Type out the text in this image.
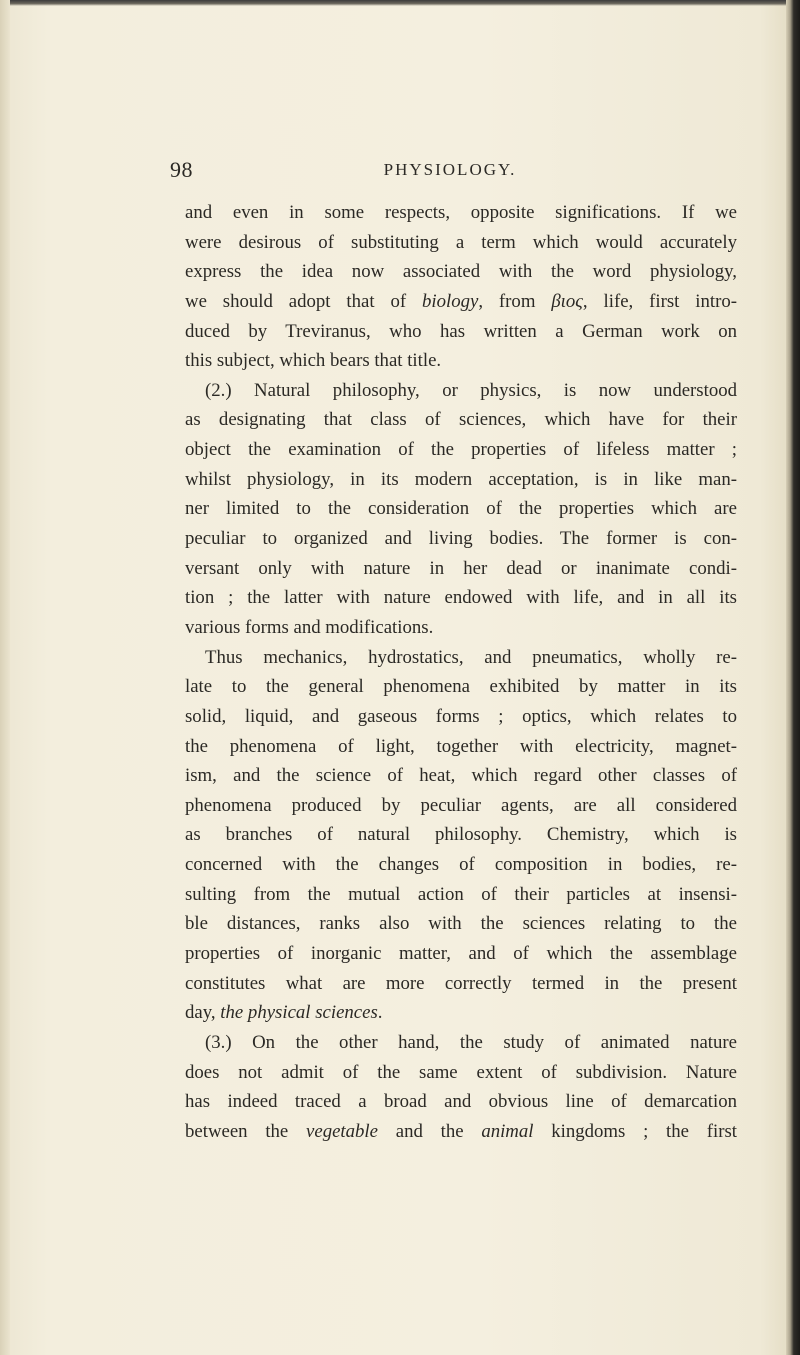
98	PHYSIOLOGY.
and even in some respects, opposite significations. If we
were desirous of substituting a term which would accurately
express the idea now associated with the word physiology,
we should adopt that of biology, from βιος, life, first intro-
duced by Treviranus, who has written a German work on
this subject, which bears that title.
(2.) Natural philosophy, or physics, is now understood
as designating that class of sciences, which have for their
object the examination of the properties of lifeless matter ;
whilst physiology, in its modern acceptation, is in like man-
ner limited to the consideration of the properties which are
peculiar to organized and living bodies. The former is con-
versant only with nature in her dead or inanimate condi-
tion ; the latter with nature endowed with life, and in all its
various forms and modifications.
Thus mechanics, hydrostatics, and pneumatics, wholly re-
late to the general phenomena exhibited by matter in its
solid, liquid, and gaseous forms ; optics, which relates to
the phenomena of light, together with electricity, magnet-
ism, and the science of heat, which regard other classes of
phenomena produced by peculiar agents, are all considered
as branches of natural philosophy. Chemistry, which is
concerned with the changes of composition in bodies, re-
sulting from the mutual action of their particles at insensi-
ble distances, ranks also with the sciences relating to the
properties of inorganic matter, and of which the assemblage
constitutes what are more correctly termed in the present
day, the physical sciences.
(3.) On the other hand, the study of animated nature
does not admit of the same extent of subdivision. Nature
has indeed traced a broad and obvious line of demarcation
between the vegetable and the animal kingdoms ; the first
